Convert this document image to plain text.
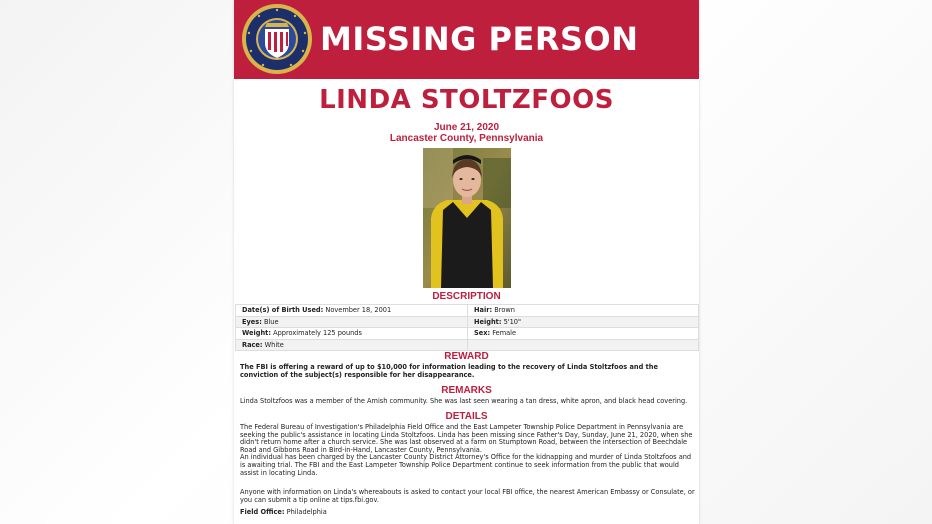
MISSING PERSON
LINDA STOLTZFOOS
June 21, 2020
Lancaster County, Pennsylvania
DESCRIPTION
Date(s) of Birth Used: November 18, 2001	Hair: Brown
Eyes: Blue	Height: 5'10"
Weight: Approximately 125 pounds	Sex: Female
Race: White	
REWARD
The FBI is offering a reward of up to $10,000 for information leading to the recovery of Linda Stoltzfoos and the conviction of the subject(s) responsible for her disappearance.
REMARKS
Linda Stoltzfoos was a member of the Amish community. She was last seen wearing a tan dress, white apron, and black head covering.
DETAILS

The Federal Bureau of Investigation's Philadelphia Field Office and the East Lampeter Township Police Department in Pennsylvania are seeking the public's assistance in locating Linda Stoltzfoos. Linda has been missing since Father's Day, Sunday, June 21, 2020, when she didn't return home after a church service. She was last observed at a farm on Stumptown Road, between the intersection of Beechdale Road and Gibbons Road in Bird-in-Hand, Lancaster County, Pennsylvania.

An individual has been charged by the Lancaster County District Attorney's Office for the kidnapping and murder of Linda Stoltzfoos and is awaiting trial. The FBI and the East Lampeter Township Police Department continue to seek information from the public that would assist in locating Linda.

Anyone with information on Linda's whereabouts is asked to contact your local FBI office, the nearest American Embassy or Consulate, or you can submit a tip online at tips.fbi.gov.
Field Office: Philadelphia
